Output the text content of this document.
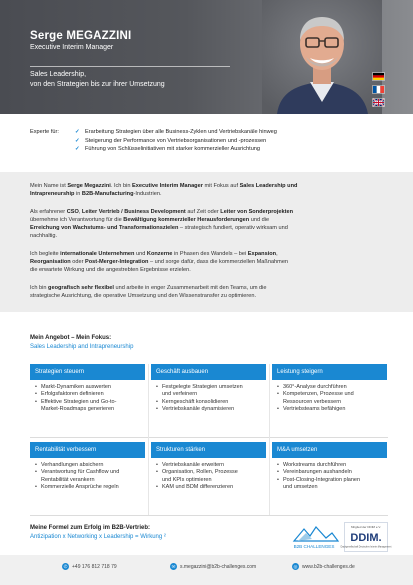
Serge MEGAZZINI
Executive Interim Manager
Sales Leadership,
von den Strategien bis zur ihrer Umsetzung
Experte für:	✓ Erarbeitung Strategien über alle Business-Zyklen und Vertriebskanäle hinweg
✓ Steigerung der Performance von Vertriebsorganisationen und -prozessen
✓ Führung von Schlüsselinitiativen mit starker kommerzieller Ausrichtung

Mein Name ist Serge Megazzini. Ich bin Executive Interim Manager mit Fokus auf Sales Leadership und
Intrapreneurship in B2B-Manufacturing-Industrien.

Als erfahrener CSO, Leiter Vertrieb / Business Development auf Zeit oder Leiter von Sonderprojekten
übernehme ich Verantwortung für die Bewältigung kommerzieller Herausforderungen und die
Erreichung von Wachstums- und Transformationszielen – strategisch fundiert, operativ wirksam und
nachhaltig.

Ich begleite internationale Unternehmen und Konzerne in Phasen des Wandels – bei Expansion,
Reorganisation oder Post-Merger-Integration – und sorge dafür, dass die kommerziellen Maßnahmen
die erwartete Wirkung und die angestrebten Ergebnisse erzielen.

Ich bin geografisch sehr flexibel und arbeite in enger Zusammenarbeit mit den Teams, um die
strategische Ausrichtung, die operative Umsetzung und den Wissenstransfer zu optimieren.

Mein Angebot – Mein Fokus:
Sales Leadership and Intrapreneurship
Strategien steuern
• Markt-Dynamiken auswerten
• Erfolgsfaktoren definieren
• Effektive Strategien und Go-to-
Market-Roadmaps generieren
Geschäft ausbauen
• Festgelegte Strategien umsetzen
und verfeinern
• Kerngeschäft konsolidieren
• Vertriebskanäle dynamisieren
Leistung steigern
• 360°-Analyse durchführen
• Kompetenzen, Prozesse und
Ressourcen verbessern
• Vertriebsteams befähigen
Rentabilität verbessern
• Verhandlungen absichern
• Verantwortung für Cashflow und
Rentabilität verankern
• Kommerzielle Ansprüche regeln
Strukturen stärken
• Vertriebskanäle erweitern
• Organisation, Rollen, Prozesse
und KPIs optimieren
• KAM und BDM differenzieren
M&A umsetzen
• Workstreams durchführen
• Vereinbarungen aushandeln
• Post-Closing-Integration planen
und umsetzen
Meine Formel zum Erfolg im B2B-Vertrieb:
Antizipation x Networking x Leadership = Wirkung ²
B2B CHALLENGES
Mitglied der DDIM e.V.
DDIM.
Dachgesellschaft Deutsches Interim Management
✆ +49 176 812 718 79	✉ s.megazzini@b2b-challenges.com	◎ www.b2b-challenges.de
